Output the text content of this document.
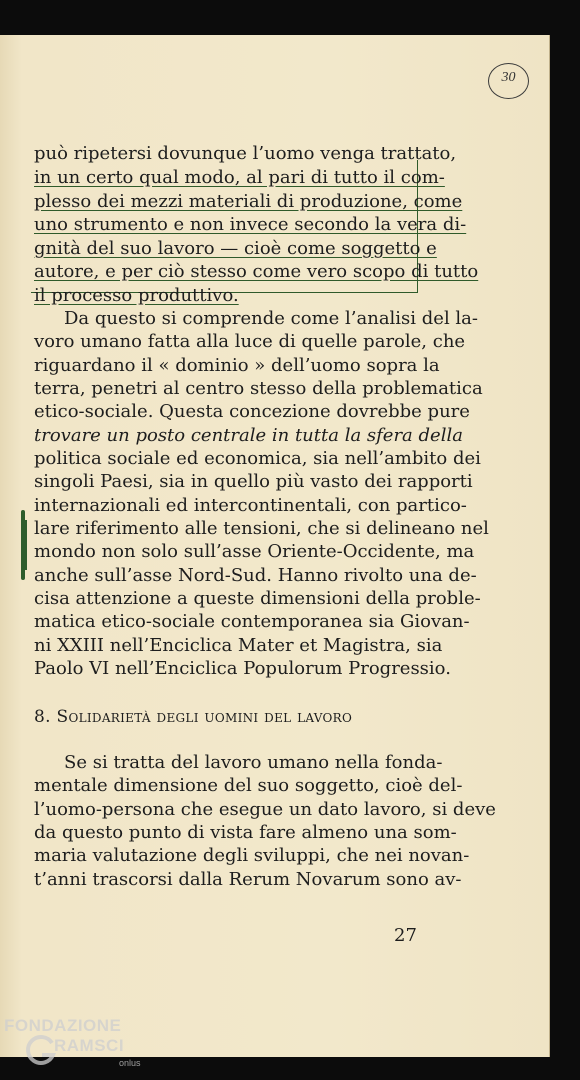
30
può ripetersi dovunque l’uomo venga trattato,
in un certo qual modo, al pari di tutto il com-
plesso dei mezzi materiali di produzione, come
uno strumento e non invece secondo la vera di-
gnità del suo lavoro — cioè come soggetto e
autore, e per ciò stesso come vero scopo di tutto
il processo produttivo.
Da questo si comprende come l’analisi del la-
voro umano fatta alla luce di quelle parole, che
riguardano il « dominio » dell’uomo sopra la
terra, penetri al centro stesso della problematica
etico-sociale. Questa concezione dovrebbe pure
trovare un posto centrale in tutta la sfera della
politica sociale ed economica, sia nell’ambito dei
singoli Paesi, sia in quello più vasto dei rapporti
internazionali ed intercontinentali, con partico-
lare riferimento alle tensioni, che si delineano nel
mondo non solo sull’asse Oriente-Occidente, ma
anche sull’asse Nord-Sud. Hanno rivolto una de-
cisa attenzione a queste dimensioni della proble-
matica etico-sociale contemporanea sia Giovan-
ni XXIII nell’Enciclica Mater et Magistra, sia
Paolo VI nell’Enciclica Populorum Progressio.
8. Solidarietà degli uomini del lavoro
Se si tratta del lavoro umano nella fonda-
mentale dimensione del suo soggetto, cioè del-
l’uomo-persona che esegue un dato lavoro, si deve
da questo punto di vista fare almeno una som-
maria valutazione degli sviluppi, che nei novan-
t’anni trascorsi dalla Rerum Novarum sono av-
27
FONDAZIONE
RAMSCI
onlus
